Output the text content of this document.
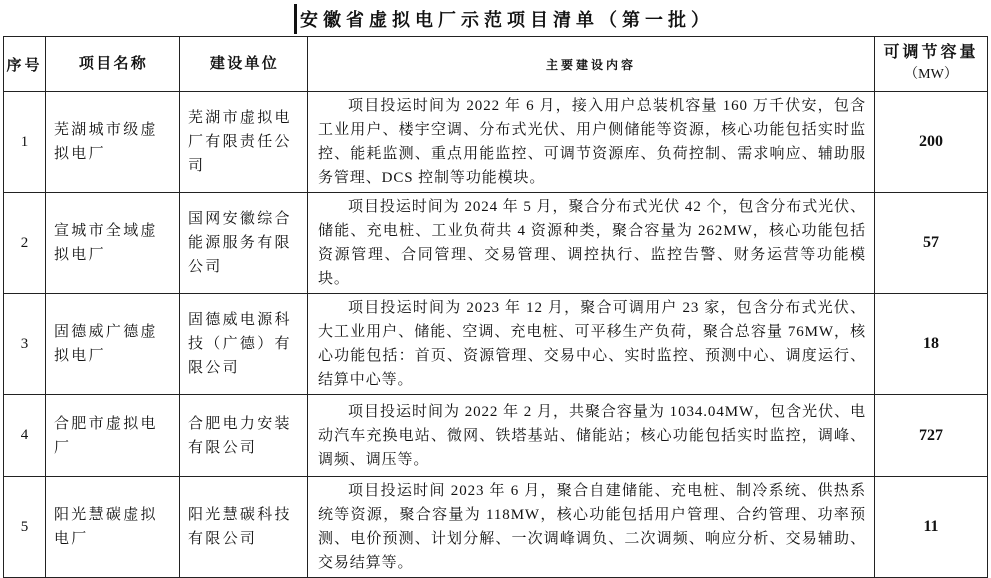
安徽省虚拟电厂示范项目清单（第一批）
序号	项目名称	建设单位	主要建设内容	可调节容量
（MW）

1	芜湖城市级虚拟电厂	芜湖市虚拟电厂有限责任公司	项目投运时间为 2022 年 6 月，接入用户总装机容量 160 万千伏安，包含工业用户、楼宇空调、分布式光伏、用户侧储能等资源，核心功能包括实时监控、能耗监测、重点用能监控、可调节资源库、负荷控制、需求响应、辅助服务管理、DCS 控制等功能模块。	200
2	宣城市全域虚拟电厂	国网安徽综合能源服务有限公司	项目投运时间为 2024 年 5 月，聚合分布式光伏 42 个，包含分布式光伏、储能、充电桩、工业负荷共 4 资源种类，聚合容量为 262MW，核心功能包括资源管理、合同管理、交易管理、调控执行、监控告警、财务运营等功能模块。	57
3	固德威广德虚拟电厂	固德威电源科技（广德）有限公司	项目投运时间为 2023 年 12 月，聚合可调用户 23 家，包含分布式光伏、大工业用户、储能、空调、充电桩、可平移生产负荷，聚合总容量 76MW，核心功能包括：首页、资源管理、交易中心、实时监控、预测中心、调度运行、结算中心等。	18
4	合肥市虚拟电厂	合肥电力安装有限公司	项目投运时间为 2022 年 2 月，共聚合容量为 1034.04MW，包含光伏、电动汽车充换电站、微网、铁塔基站、储能站；核心功能包括实时监控，调峰、调频、调压等。	727
5	阳光慧碳虚拟电厂	阳光慧碳科技有限公司	项目投运时间 2023 年 6 月，聚合自建储能、充电桩、制冷系统、供热系统等资源，聚合容量为 118MW，核心功能包括用户管理、合约管理、功率预测、电价预测、计划分解、一次调峰调负、二次调频、响应分析、交易辅助、交易结算等。	11
